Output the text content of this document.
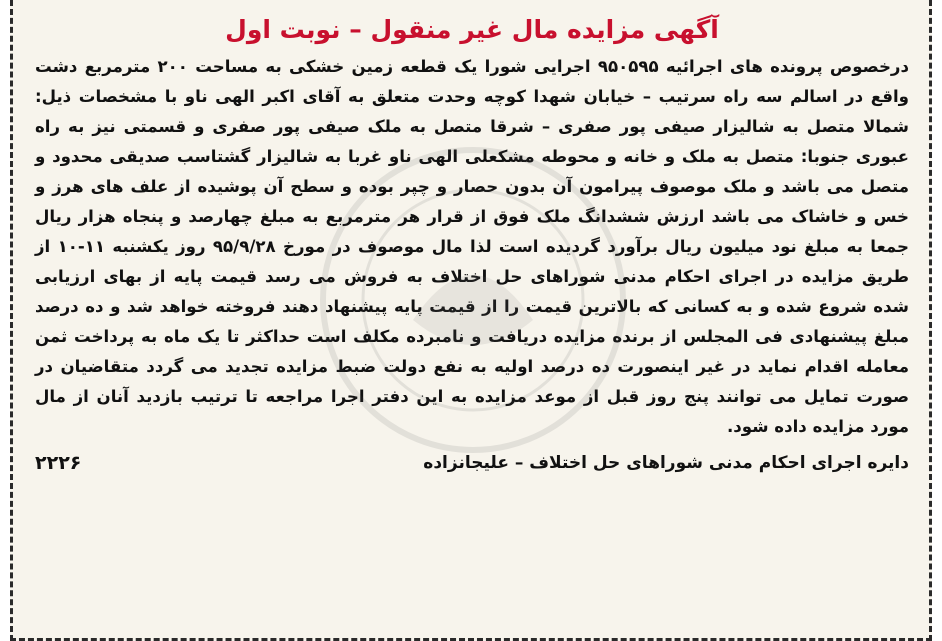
آگهی مزایده مال غیر منقول – نوبت اول

درخصوص پرونده های اجرائیه ۹۵۰۵۹۵ اجرایی شورا یک قطعه زمین خشکی به مساحت ۲۰۰ مترمربع دشت واقع در اسالم سه راه سرتیب – خیابان شهدا کوچه وحدت متعلق به آقای اکبر الهی ناو با مشخصات ذیل: شمالا متصل به شالیزار صیفی پور صفری – شرقا متصل به ملک صیفی پور صفری و قسمتی نیز به راه عبوری جنوبا: متصل به ملک و خانه و محوطه مشکعلی الهی ناو غربا به شالیزار گشتاسب صدیقی محدود و متصل می باشد و ملک موصوف پیرامون آن بدون حصار و چپر بوده و سطح آن پوشیده از علف های هرز و خس و خاشاک می باشد ارزش ششدانگ ملک فوق از قرار هر مترمربع به مبلغ چهارصد و پنجاه هزار ریال جمعا به مبلغ نود میلیون ریال برآورد گردیده است لذا مال موصوف در مورخ ۹۵/۹/۲۸ روز یکشنبه ۱۱-۱۰ از طریق مزایده در اجرای احکام مدنی شوراهای حل اختلاف به فروش می رسد قیمت پایه از بهای ارزیابی شده شروع شده و به کسانی که بالاترین قیمت را از قیمت پایه پیشنهاد دهند فروخته خواهد شد و ده درصد مبلغ پیشنهادی فی المجلس از برنده مزایده دریافت و نامبرده مکلف است حداکثر تا یک ماه به پرداخت ثمن معامله اقدام نماید در غیر اینصورت ده درصد اولیه به نفع دولت ضبط مزایده تجدید می گردد متقاضیان در صورت تمایل می توانند پنج روز قبل از موعد مزایده به این دفتر اجرا مراجعه تا ترتیب بازدید آنان از مال مورد مزایده داده شود.

دایره اجرای احکام مدنی شوراهای حل اختلاف – علیجانزاده
۲۲۲۶
